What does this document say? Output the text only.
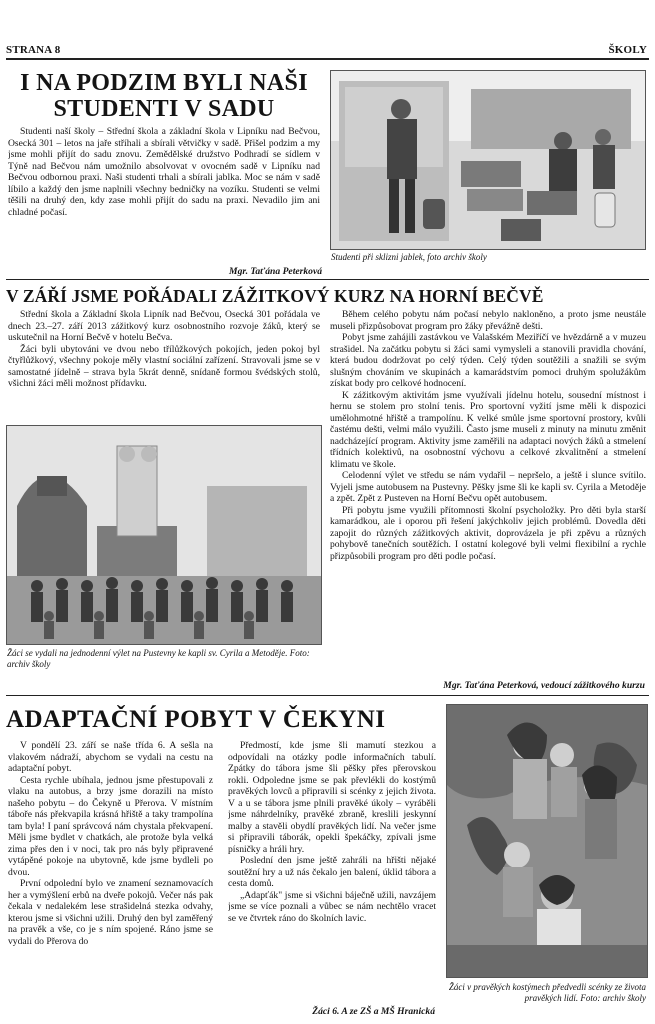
STRANA 8	ŠKOLY
I NA PODZIM BYLI NAŠI STUDENTI V SADU

Studenti naší školy – Střední škola a základní škola v Lipníku nad Bečvou, Osecká 301 – letos na jaře stříhali a sbírali větvičky v sadě. Přišel podzim a my jsme mohli přijít do sadu znovu. Zemědělské družstvo Podhradí se sídlem v Týně nad Bečvou nám umožnilo absolvovat v ovocném sadě v Lipníku nad Bečvou odbornou praxi. Naši studenti trhali a sbírali jablka. Moc se nám v sadě líbilo a každý den jsme naplnili všechny bedničky na vozíku. Studenti se velmi těšili na druhý den, kdy zase mohli přijít do sadu na praxi. Nevadilo jim ani chladné počasí.

Mgr. Taťána Peterková
Studenti při sklizni jablek, foto archiv školy
V ZÁŘÍ JSME POŘÁDALI ZÁŽITKOVÝ KURZ NA HORNÍ BEČVĚ

Střední škola a Základní škola Lipník nad Bečvou, Osecká 301 pořádala ve dnech 23.–27. září 2013 zážitkový kurz osobnostního rozvoje žáků, který se uskutečnil na Horní Bečvě v hotelu Bečva.

Žáci byli ubytováni ve dvou nebo třílůžkových pokojích, jeden pokoj byl čtyřlůžkový, všechny pokoje měly vlastní sociální zařízení. Stravovali jsme se v samostatné jídelně – strava byla 5krát denně, snídaně formou švédských stolů, všichni žáci měli možnost přídavku.

Žáci se vydali na jednodenní výlet na Pustevny ke kapli sv. Cyrila a Metoděje. Foto: archiv školy

Během celého pobytu nám počasí nebylo nakloněno, a proto jsme neustále museli přizpůsobovat program pro žáky převážně dešti.

Pobyt jsme zahájili zastávkou ve Valašském Meziříčí ve hvězdárně a v muzeu strašidel. Na začátku pobytu si žáci sami vymysleli a stanovili pravidla chování, která budou dodržovat po celý týden. Celý týden soutěžili a snažili se svým slušným chováním ve skupinách a kamarádstvím pomoci druhým spolužákům získat body pro celkové hodnocení.

K zážitkovým aktivitám jsme využívali jídelnu hotelu, sousední místnost i hernu se stolem pro stolní tenis. Pro sportovní vyžití jsme měli k dispozici umělohmotné hřiště a trampolínu. K velké smůle jsme sportovní prostory, kvůli častému dešti, velmi málo využili. Často jsme museli z minuty na minutu změnit nadcházející program. Aktivity jsme zaměřili na adaptaci nových žáků a stmelení třídních kolektivů, na osobnostní výchovu a celkové zkvalitnění a stmelení klimatu ve škole.

Celodenní výlet ve středu se nám vydařil – nepršelo, a ještě i slunce svítilo. Vyjeli jsme autobusem na Pustevny. Pěšky jsme šli ke kapli sv. Cyrila a Metoděje a zpět. Zpět z Pusteven na Horní Bečvu opět autobusem.

Při pobytu jsme využili přítomnosti školní psycholožky. Pro děti byla starší kamarádkou, ale i oporou při řešení jakýchkoliv jejich problémů. Dovedla děti zapojit do různých zážitkových aktivit, doprovázela je při zpěvu a různých pohybově tanečních soutěžích. I ostatní kolegové byli velmi flexibilní a rychle přizpůsobili program pro děti podle počasí.

Mgr. Taťána Peterková, vedoucí zážitkového kurzu
ADAPTAČNÍ POBYT V ČEKYNI

V pondělí 23. září se naše třída 6. A sešla na vlakovém nádraží, abychom se vydali na cestu na adaptační pobyt.

Cesta rychle ubíhala, jednou jsme přestupovali z vlaku na autobus, a brzy jsme dorazili na místo našeho pobytu – do Čekyně u Přerova. V místním táboře nás překvapila krásná hřiště a taky trampolína tam byla! I paní správcová nám chystala překvapení. Měli jsme bydlet v chatkách, ale protože byla velká zima přes den i v noci, tak pro nás byly připravené vytápěné pokoje na ubytovně, kde jsme bydleli po dvou.

První odpolední bylo ve znamení seznamovacích her a vymýšlení erbů na dveře pokojů. Večer nás pak čekala v nedalekém lese strašidelná stezka odvahy, kterou jsme si všichni užili. Druhý den byl zaměřený na pravěk a vše, co je s ním spojené. Ráno jsme se vydali do Přerova do

Předmostí, kde jsme šli mamutí stezkou a odpovídali na otázky podle informačních tabulí. Zpátky do tábora jsme šli pěšky přes přerovskou rokli. Odpoledne jsme se pak převlékli do kostýmů pravěkých lovců a připravili si scénky z jejich života. V a u se tábora jsme plnili pravěké úkoly – vyráběli jsme náhrdelníky, pravěké zbraně, kreslili jeskynní malby a stavěli obydlí pravěkých lidí. Na večer jsme si připravili táborák, opekli špekáčky, zpívali jsme písničky a hráli hry.

Poslední den jsme ještě zahráli na hřišti nějaké soutěžní hry a už nás čekalo jen balení, úklid tábora a cesta domů.

„Adapťák" jsme si všichni báječně užili, navzájem jsme se více poznali a vůbec se nám nechtělo vracet se ve čtvrtek ráno do školních lavic.

Žáci 6. A ze ZŠ a MŠ Hranická
Žáci v pravěkých kostýmech předvedli scénky ze života pravěkých lidí. Foto: archiv školy
